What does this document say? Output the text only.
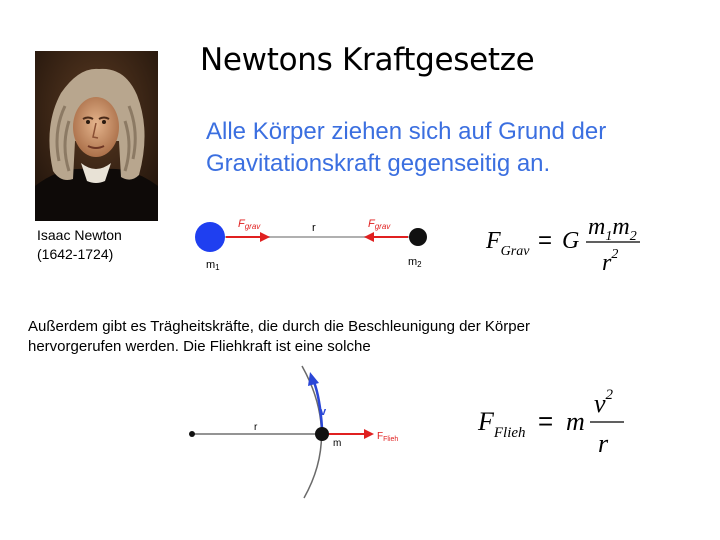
Newtons Kraftgesetze
Alle Körper ziehen sich auf Grund der
Gravitationskraft gegenseitig an.
Isaac Newton
(1642-1724)
Fgrav	Fgrav
r
m1	m2
$F_{Grav} = G$
$m_1m_2$
$r^2$
Außerdem gibt es Trägheitskräfte, die durch die Beschleunigung der Körper
hervorgerufen werden. Die Fliehkraft ist eine solche
r
m
v
$F_{Flieh}$
$F_{Flieh} = m$
$v^2$
r
